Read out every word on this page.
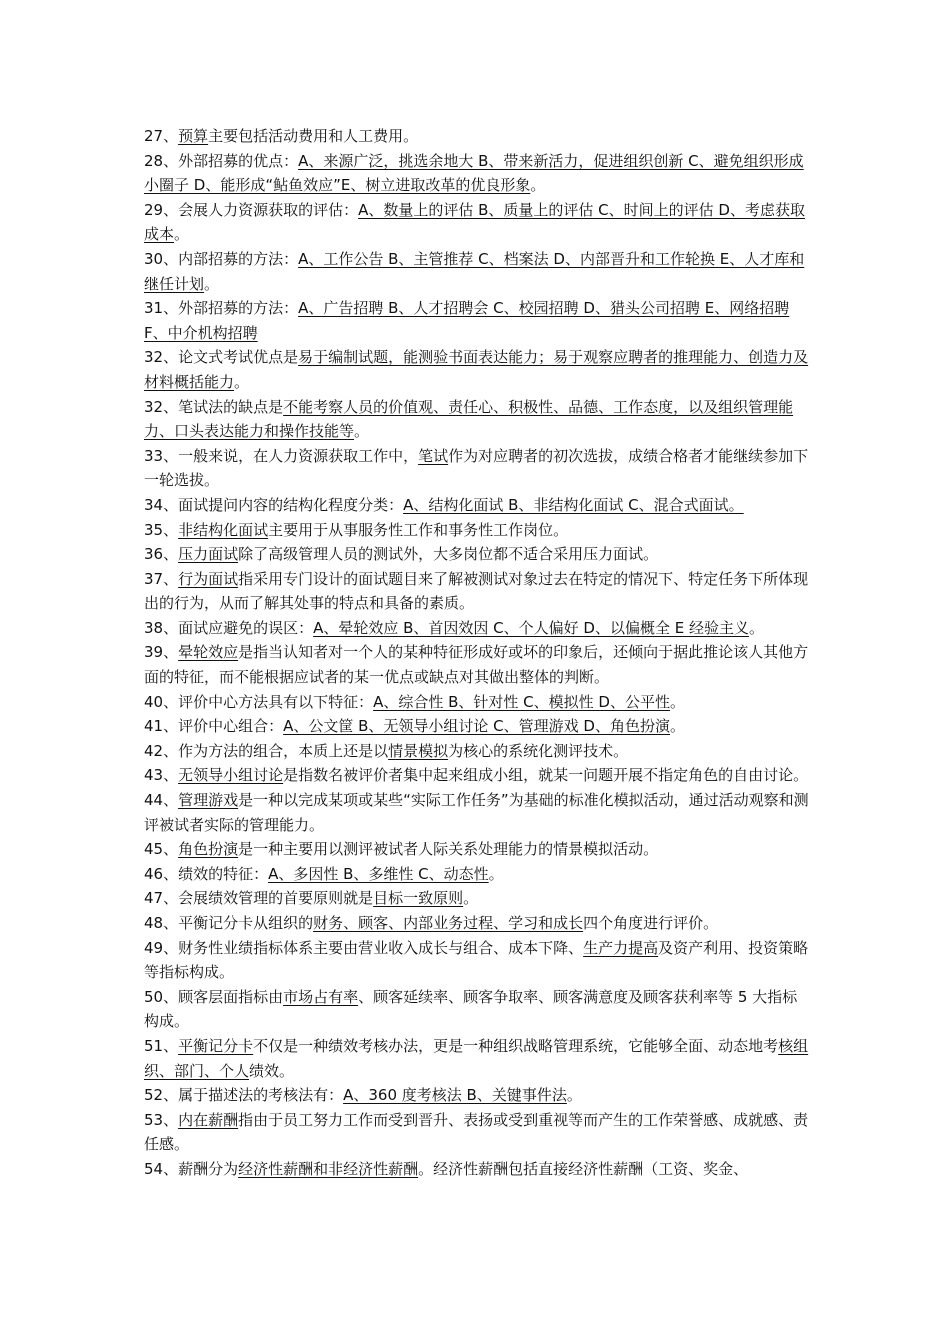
27、预算主要包括活动费用和人工费用。

28、外部招募的优点：A、来源广泛，挑选余地大 B、带来新活力，促进组织创新 C、避免组织形成小圈子 D、能形成“鲇鱼效应”E、树立进取改革的优良形象。

29、会展人力资源获取的评估：A、数量上的评估 B、质量上的评估 C、时间上的评估 D、考虑获取成本。

30、内部招募的方法：A、工作公告 B、主管推荐 C、档案法 D、内部晋升和工作轮换 E、人才库和继任计划。

31、外部招募的方法：A、广告招聘 B、人才招聘会 C、校园招聘 D、猎头公司招聘 E、网络招聘 F、中介机构招聘

32、论文式考试优点是易于编制试题，能测验书面表达能力；易于观察应聘者的推理能力、创造力及材料概括能力。

32、笔试法的缺点是不能考察人员的价值观、责任心、积极性、品德、工作态度，以及组织管理能力、口头表达能力和操作技能等。

33、一般来说，在人力资源获取工作中，笔试作为对应聘者的初次选拔，成绩合格者才能继续参加下一轮选拔。

34、面试提问内容的结构化程度分类：A、结构化面试 B、非结构化面试 C、混合式面试。

35、非结构化面试主要用于从事服务性工作和事务性工作岗位。

36、压力面试除了高级管理人员的测试外，大多岗位都不适合采用压力面试。

37、行为面试指采用专门设计的面试题目来了解被测试对象过去在特定的情况下、特定任务下所体现出的行为，从而了解其处事的特点和具备的素质。

38、面试应避免的误区：A、晕轮效应 B、首因效因 C、个人偏好 D、以偏概全 E 经验主义。

39、晕轮效应是指当认知者对一个人的某种特征形成好或坏的印象后，还倾向于据此推论该人其他方面的特征，而不能根据应试者的某一优点或缺点对其做出整体的判断。

40、评价中心方法具有以下特征：A、综合性 B、针对性 C、模拟性 D、公平性。

41、评价中心组合：A、公文筐 B、无领导小组讨论 C、管理游戏 D、角色扮演。

42、作为方法的组合，本质上还是以情景模拟为核心的系统化测评技术。

43、无领导小组讨论是指数名被评价者集中起来组成小组，就某一问题开展不指定角色的自由讨论。

44、管理游戏是一种以完成某项或某些“实际工作任务”为基础的标准化模拟活动，通过活动观察和测评被试者实际的管理能力。

45、角色扮演是一种主要用以测评被试者人际关系处理能力的情景模拟活动。

46、绩效的特征：A、多因性 B、多维性 C、动态性。

47、会展绩效管理的首要原则就是目标一致原则。

48、平衡记分卡从组织的财务、顾客、内部业务过程、学习和成长四个角度进行评价。

49、财务性业绩指标体系主要由营业收入成长与组合、成本下降、生产力提高及资产利用、投资策略等指标构成。

50、顾客层面指标由市场占有率、顾客延续率、顾客争取率、顾客满意度及顾客获利率等 5 大指标构成。

51、平衡记分卡不仅是一种绩效考核办法，更是一种组织战略管理系统，它能够全面、动态地考核组织、部门、个人绩效。

52、属于描述法的考核法有：A、360 度考核法 B、关键事件法。

53、内在薪酬指由于员工努力工作而受到晋升、表扬或受到重视等而产生的工作荣誉感、成就感、责任感。

54、薪酬分为经济性薪酬和非经济性薪酬。经济性薪酬包括直接经济性薪酬（工资、奖金、
